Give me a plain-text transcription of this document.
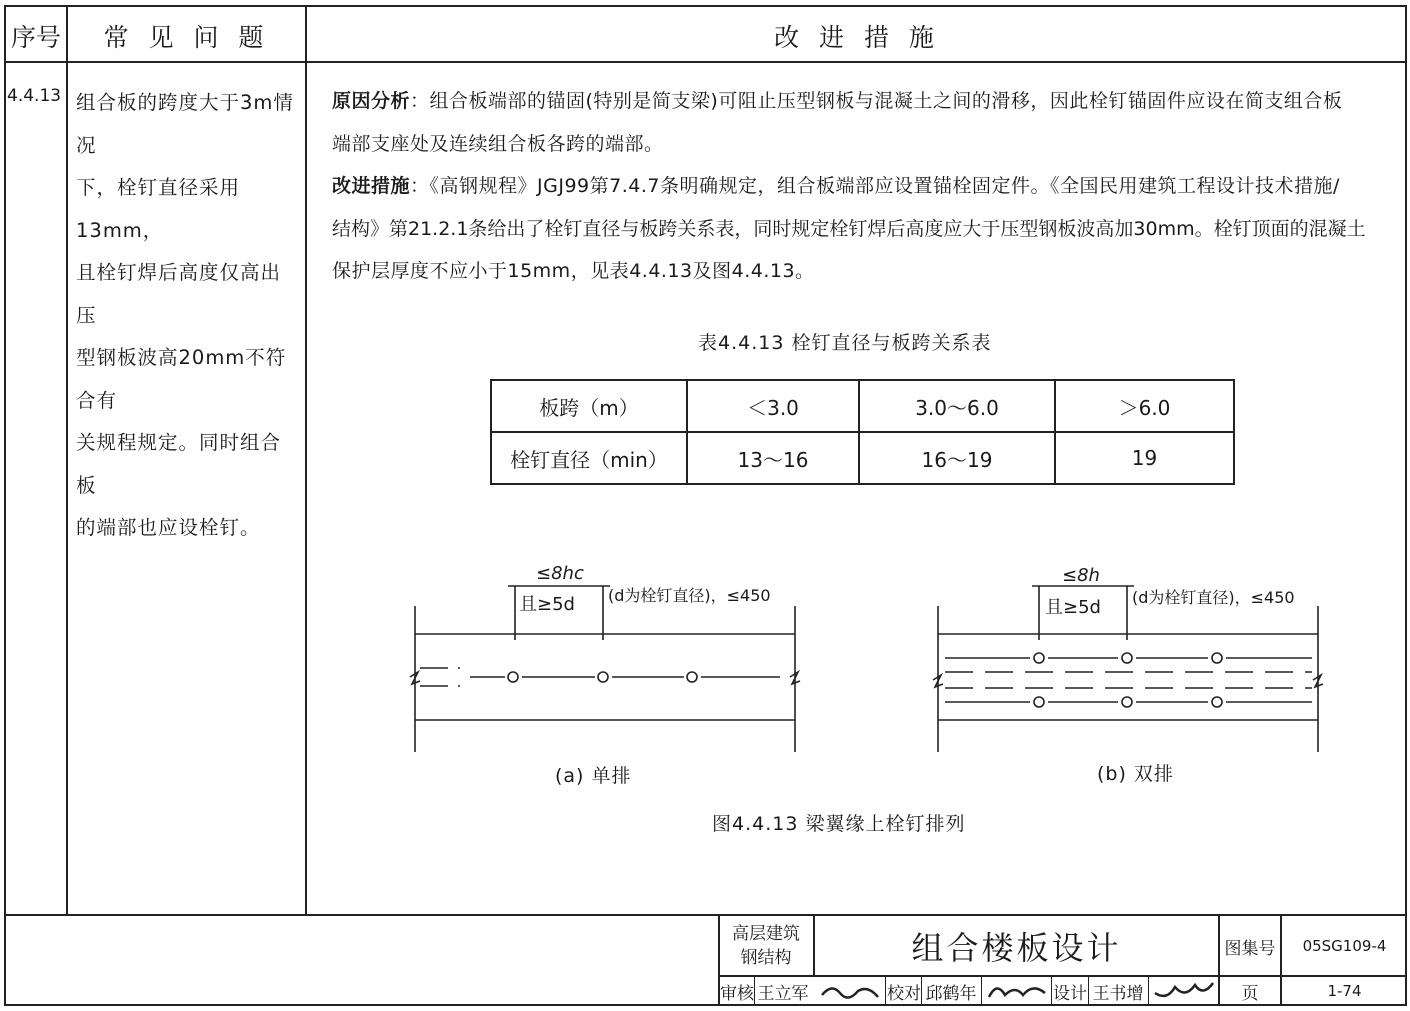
序号	常 见 问 题	改 进 措 施
4.4.13 组合板的跨度大于3m情况
下，栓钉直径采用13mm，
且栓钉焊后高度仅高出压
型钢板波高20mm不符合有
关规程规定。同时组合板
的端部也应设栓钉。
原因分析：组合板端部的锚固(特别是简支梁)可阻止压型钢板与混凝土之间的滑移，因此栓钉锚固件应设在简支组合板
端部支座处及连续组合板各跨的端部。
改进措施：《高钢规程》JGJ99第7.4.7条明确规定，组合板端部应设置锚栓固定件。《全国民用建筑工程设计技术措施/
结构》第21.2.1条给出了栓钉直径与板跨关系表，同时规定栓钉焊后高度应大于压型钢板波高加30mm。栓钉顶面的混凝土
保护层厚度不应小于15mm，见表4.4.13及图4.4.13。
表4.4.13 栓钉直径与板跨关系表
板跨（m）	＜3.0	3.0～6.0	＞6.0
栓钉直径（min）	13～16	16～19	19
≤8hc
且≥5d (d为栓钉直径)，≤450
≤8h
且≥5d (d为栓钉直径)，≤450
(a) 单排	(b) 双排
图4.4.13 梁翼缘上栓钉排列
高层建筑钢结构	组合楼板设计	图集号	05SG109-4
审核 王立军	校对 邱鹤年	设计 王书增	页	1-74
